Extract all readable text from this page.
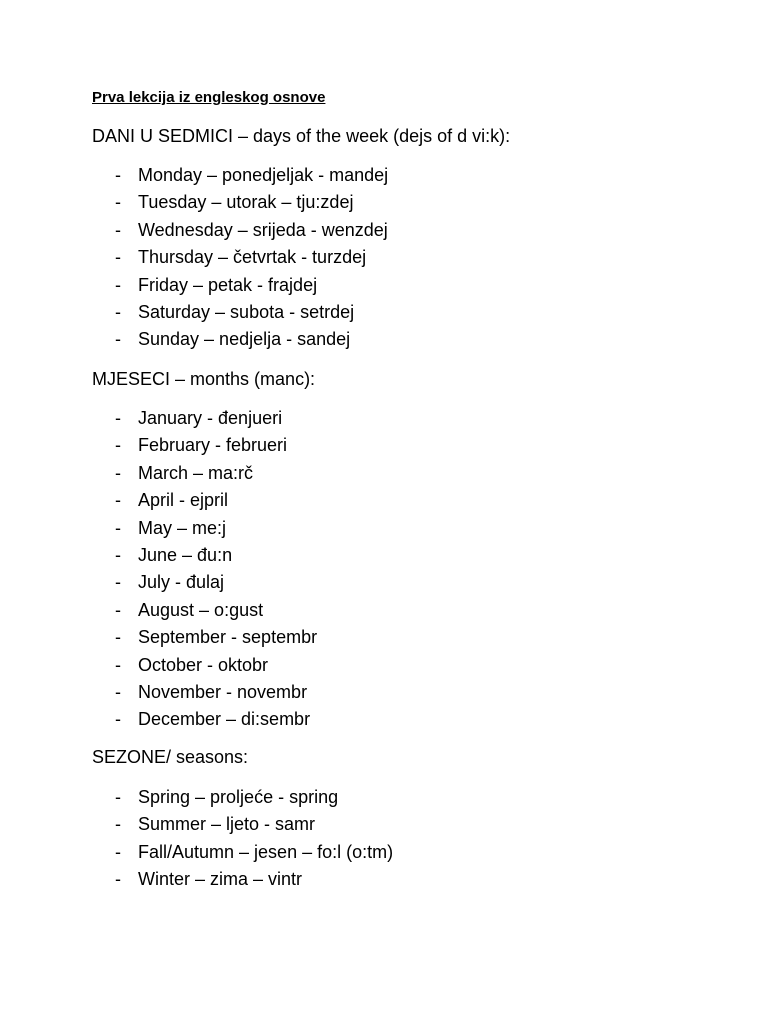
Prva lekcija iz engleskog osnove
DANI U SEDMICI – days of the week (dejs of d vi:k):
- Monday – ponedjeljak - mandej
- Tuesday – utorak – tju:zdej
- Wednesday – srijeda - wenzdej
- Thursday – četvrtak - turzdej
- Friday – petak - frajdej
- Saturday – subota - setrdej
- Sunday – nedjelja - sandej
MJESECI – months (manc):
- January - đenjueri
- February - februeri
- March – ma:rč
- April - ejpril
- May – me:j
- June – đu:n
- July - đulaj
- August – o:gust
- September - septembr
- October - oktobr
- November - novembr
- December – di:sembr
SEZONE/ seasons:
- Spring – proljeće - spring
- Summer – ljeto - samr
- Fall/Autumn – jesen – fo:l (o:tm)
- Winter – zima – vintr
